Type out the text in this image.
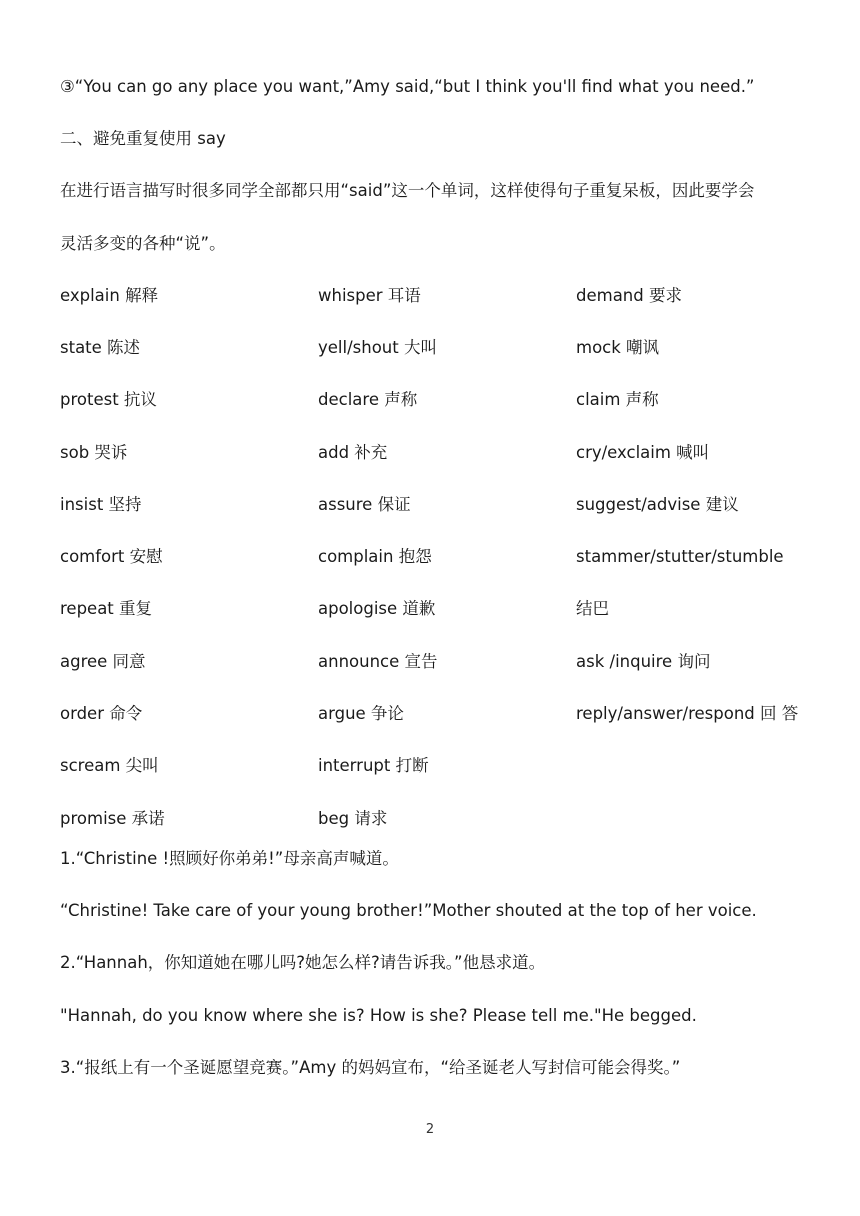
③“You can go any place you want,”Amy said,“but I think you'll find what you need.”
二、避免重复使用 say
在进行语言描写时很多同学全部都只用“said”这一个单词，这样使得句子重复呆板，因此要学会
灵活多变的各种“说”。
explain 解释	whisper 耳语	demand 要求
state 陈述	yell/shout 大叫	mock 嘲讽
protest 抗议	declare 声称	claim 声称
sob 哭诉	add 补充	cry/exclaim 喊叫
insist 坚持	assure 保证	suggest/advise 建议
comfort 安慰	complain 抱怨	stammer/stutter/stumble
repeat 重复	apologise 道歉	结巴
agree 同意	announce 宣告	ask /inquire 询问
order 命令	argue 争论	reply/answer/respond 回 答
scream 尖叫	interrupt 打断
promise 承诺	beg 请求
1.“Christine !照顾好你弟弟!”母亲高声喊道。
“Christine! Take care of your young brother!”Mother shouted at the top of her voice.
2.“Hannah，你知道她在哪儿吗?她怎么样?请告诉我。”他恳求道。
"Hannah, do you know where she is? How is she? Please tell me."He begged.
3.“报纸上有一个圣诞愿望竞赛。”Amy 的妈妈宣布，“给圣诞老人写封信可能会得奖。”
2
